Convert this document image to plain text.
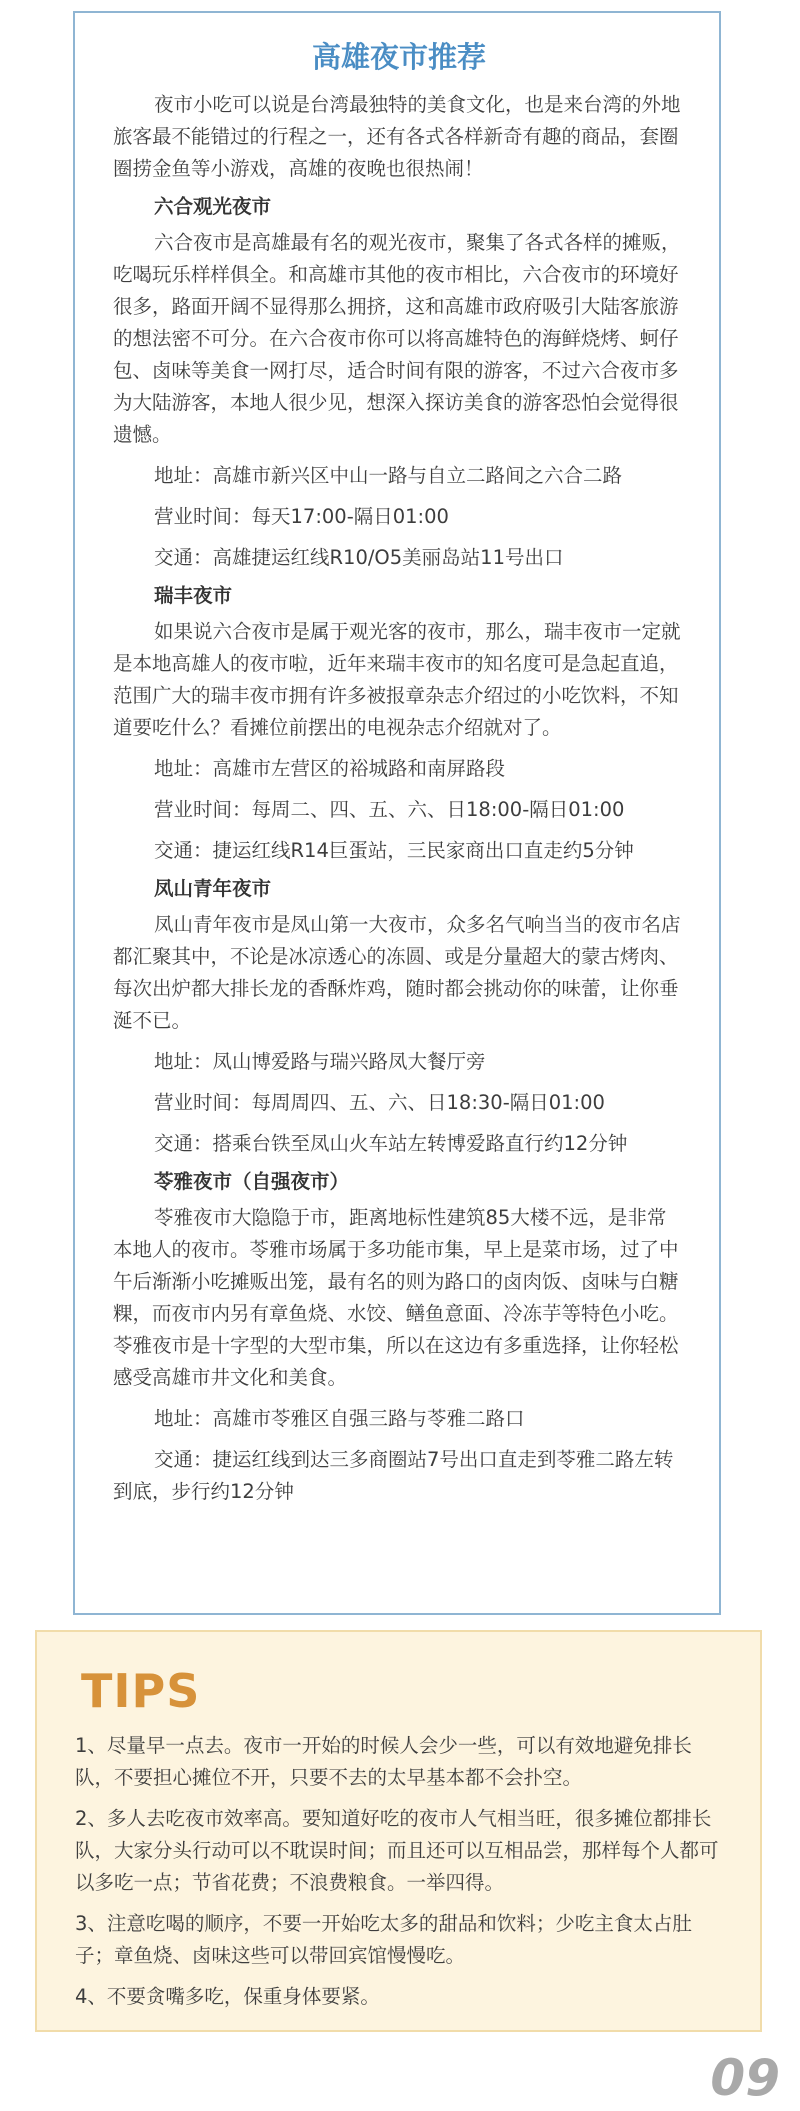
高雄夜市推荐

夜市小吃可以说是台湾最独特的美食文化，也是来台湾的外地旅客最不能错过的行程之一，还有各式各样新奇有趣的商品，套圈圈捞金鱼等小游戏，高雄的夜晚也很热闹！

六合观光夜市

六合夜市是高雄最有名的观光夜市，聚集了各式各样的摊贩，吃喝玩乐样样俱全。和高雄市其他的夜市相比，六合夜市的环境好很多，路面开阔不显得那么拥挤，这和高雄市政府吸引大陆客旅游的想法密不可分。在六合夜市你可以将高雄特色的海鲜烧烤、蚵仔包、卤味等美食一网打尽，适合时间有限的游客，不过六合夜市多为大陆游客，本地人很少见，想深入探访美食的游客恐怕会觉得很遗憾。

地址：高雄市新兴区中山一路与自立二路间之六合二路

营业时间：每天17:00-隔日01:00

交通：高雄捷运红线R10/O5美丽岛站11号出口

瑞丰夜市

如果说六合夜市是属于观光客的夜市，那么，瑞丰夜市一定就是本地高雄人的夜市啦，近年来瑞丰夜市的知名度可是急起直追，范围广大的瑞丰夜市拥有许多被报章杂志介绍过的小吃饮料，不知道要吃什么？看摊位前摆出的电视杂志介绍就对了。

地址：高雄市左营区的裕城路和南屏路段

营业时间：每周二、四、五、六、日18:00-隔日01:00

交通：捷运红线R14巨蛋站，三民家商出口直走约5分钟

凤山青年夜市

凤山青年夜市是凤山第一大夜市，众多名气响当当的夜市名店都汇聚其中，不论是冰凉透心的冻圆、或是分量超大的蒙古烤肉、每次出炉都大排长龙的香酥炸鸡，随时都会挑动你的味蕾，让你垂涎不已。

地址：凤山博爱路与瑞兴路凤大餐厅旁

营业时间：每周周四、五、六、日18:30-隔日01:00

交通：搭乘台铁至凤山火车站左转博爱路直行约12分钟

苓雅夜市（自强夜市）

苓雅夜市大隐隐于市，距离地标性建筑85大楼不远，是非常本地人的夜市。苓雅市场属于多功能市集，早上是菜市场，过了中午后渐渐小吃摊贩出笼，最有名的则为路口的卤肉饭、卤味与白糖粿，而夜市内另有章鱼烧、水饺、鳝鱼意面、冷冻芋等特色小吃。苓雅夜市是十字型的大型市集，所以在这边有多重选择，让你轻松感受高雄市井文化和美食。

地址：高雄市苓雅区自强三路与苓雅二路口

交通：捷运红线到达三多商圈站7号出口直走到苓雅二路左转到底，步行约12分钟

TIPS

1、尽量早一点去。夜市一开始的时候人会少一些，可以有效地避免排长队，不要担心摊位不开，只要不去的太早基本都不会扑空。

2、多人去吃夜市效率高。要知道好吃的夜市人气相当旺，很多摊位都排长队，大家分头行动可以不耽误时间；而且还可以互相品尝，那样每个人都可以多吃一点；节省花费；不浪费粮食。一举四得。

3、注意吃喝的顺序，不要一开始吃太多的甜品和饮料；少吃主食太占肚子；章鱼烧、卤味这些可以带回宾馆慢慢吃。

4、不要贪嘴多吃，保重身体要紧。

09
